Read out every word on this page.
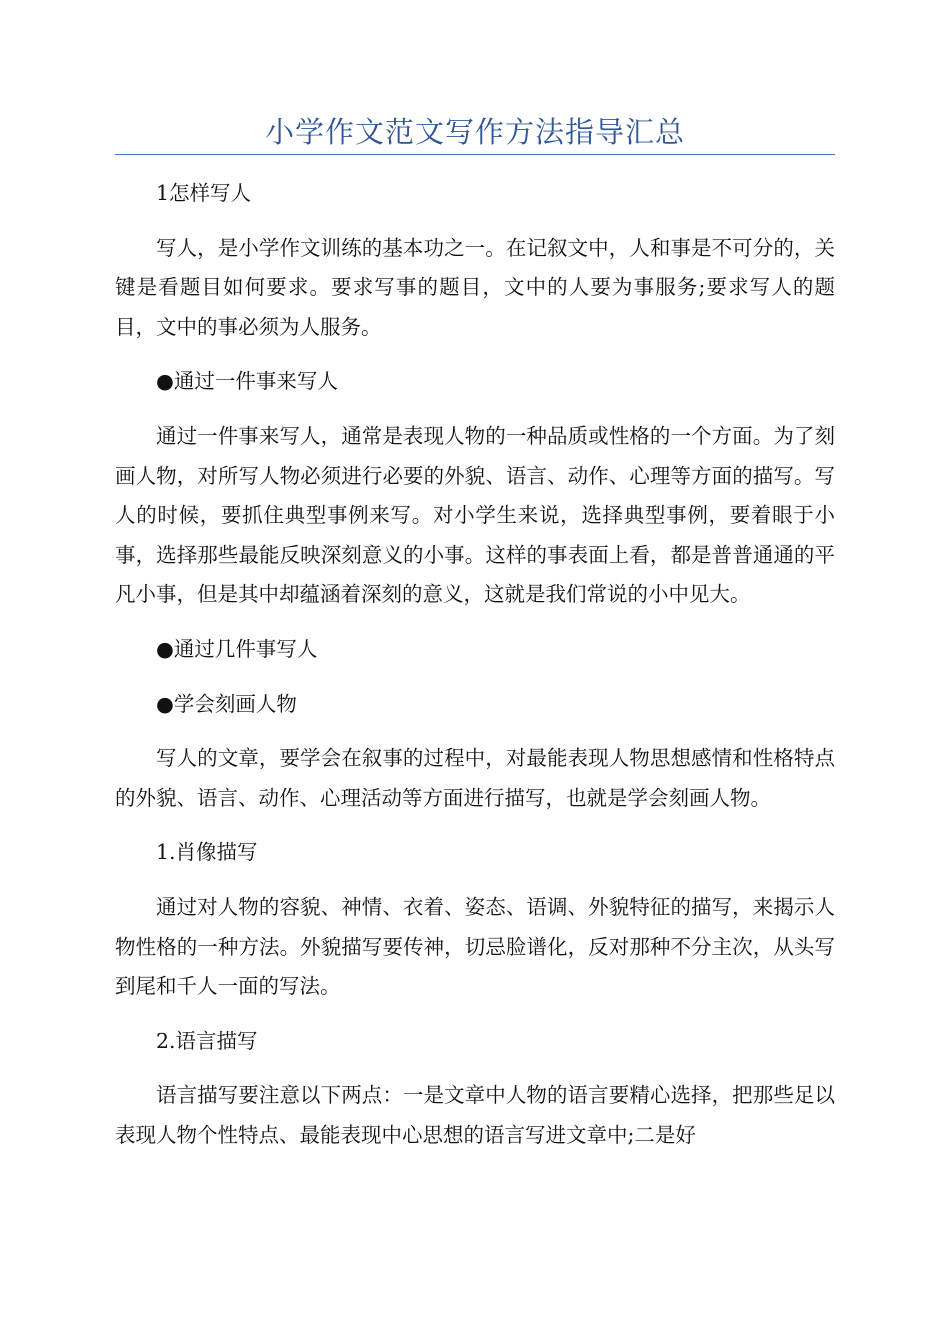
小学作文范文写作方法指导汇总
1怎样写人
写人，是小学作文训练的基本功之一。在记叙文中，人和事是不可分的，关键是看题目如何要求。要求写事的题目，文中的人要为事服务;要求写人的题目，文中的事必须为人服务。
●通过一件事来写人
通过一件事来写人，通常是表现人物的一种品质或性格的一个方面。为了刻画人物，对所写人物必须进行必要的外貌、语言、动作、心理等方面的描写。写人的时候，要抓住典型事例来写。对小学生来说，选择典型事例，要着眼于小事，选择那些最能反映深刻意义的小事。这样的事表面上看，都是普普通通的平凡小事，但是其中却蕴涵着深刻的意义，这就是我们常说的小中见大。
●通过几件事写人
●学会刻画人物
写人的文章，要学会在叙事的过程中，对最能表现人物思想感情和性格特点的外貌、语言、动作、心理活动等方面进行描写，也就是学会刻画人物。
1.肖像描写
通过对人物的容貌、神情、衣着、姿态、语调、外貌特征的描写，来揭示人物性格的一种方法。外貌描写要传神，切忌脸谱化，反对那种不分主次，从头写到尾和千人一面的写法。
2.语言描写
语言描写要注意以下两点：一是文章中人物的语言要精心选择，把那些足以表现人物个性特点、最能表现中心思想的语言写进文章中;二是好
